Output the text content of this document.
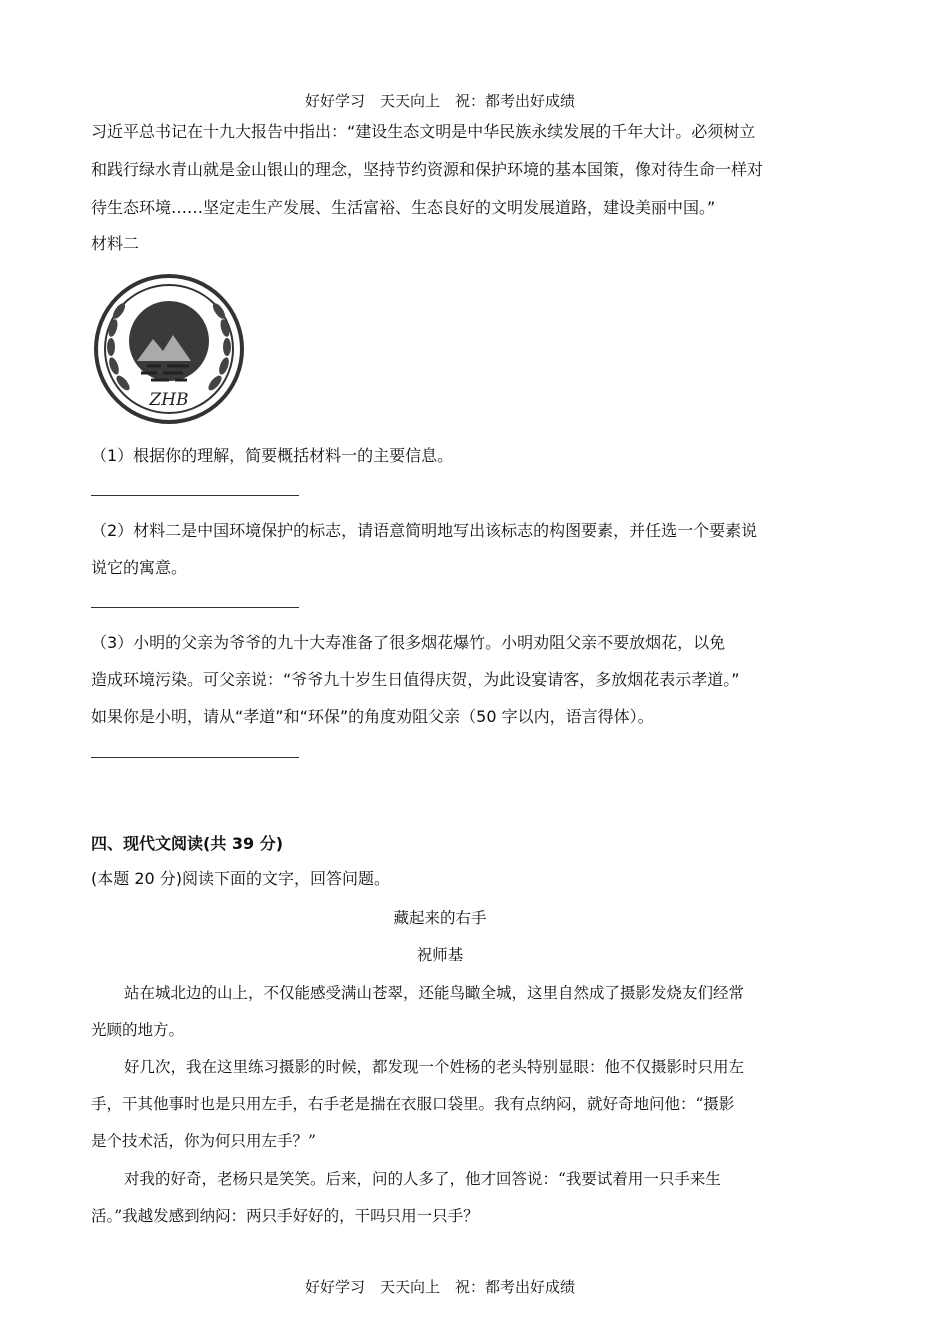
好好学习　天天向上　祝：都考出好成绩
习近平总书记在十九大报告中指出：“建设生态文明是中华民族永续发展的千年大计。必须树立
和践行绿水青山就是金山银山的理念，坚持节约资源和保护环境的基本国策，像对待生命一样对
待生态环境……坚定走生产发展、生活富裕、生态良好的文明发展道路，建设美丽中国。”
材料二
ZHB
（1）根据你的理解，简要概括材料一的主要信息。
（2）材料二是中国环境保护的标志，请语意简明地写出该标志的构图要素，并任选一个要素说
说它的寓意。
（3）小明的父亲为爷爷的九十大寿准备了很多烟花爆竹。小明劝阻父亲不要放烟花，以免
造成环境污染。可父亲说：“爷爷九十岁生日值得庆贺，为此设宴请客，多放烟花表示孝道。”
如果你是小明，请从“孝道”和“环保”的角度劝阻父亲（50 字以内，语言得体）。
四、现代文阅读(共 39 分)
(本题 20 分)阅读下面的文字，回答问题。
藏起来的右手
祝师基
站在城北边的山上，不仅能感受满山苍翠，还能鸟瞰全城，这里自然成了摄影发烧友们经常
光顾的地方。
好几次，我在这里练习摄影的时候，都发现一个姓杨的老头特别显眼：他不仅摄影时只用左
手，干其他事时也是只用左手，右手老是揣在衣服口袋里。我有点纳闷，就好奇地问他：“摄影
是个技术活，你为何只用左手？”
对我的好奇，老杨只是笑笑。后来，问的人多了，他才回答说：“我要试着用一只手来生
活。”我越发感到纳闷：两只手好好的，干吗只用一只手？
好好学习　天天向上　祝：都考出好成绩
